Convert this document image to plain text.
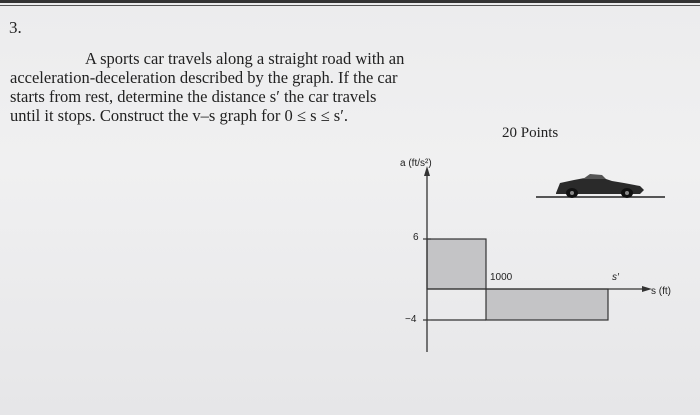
3.
A sports car travels along a straight road with an
acceleration-deceleration described by the graph. If the car
starts from rest, determine the distance s′ the car travels
until it stops. Construct the v–s graph for 0 ≤ s ≤ s′.
20 Points
a (ft/s²)
s (ft)
6
−4
1000	s′
